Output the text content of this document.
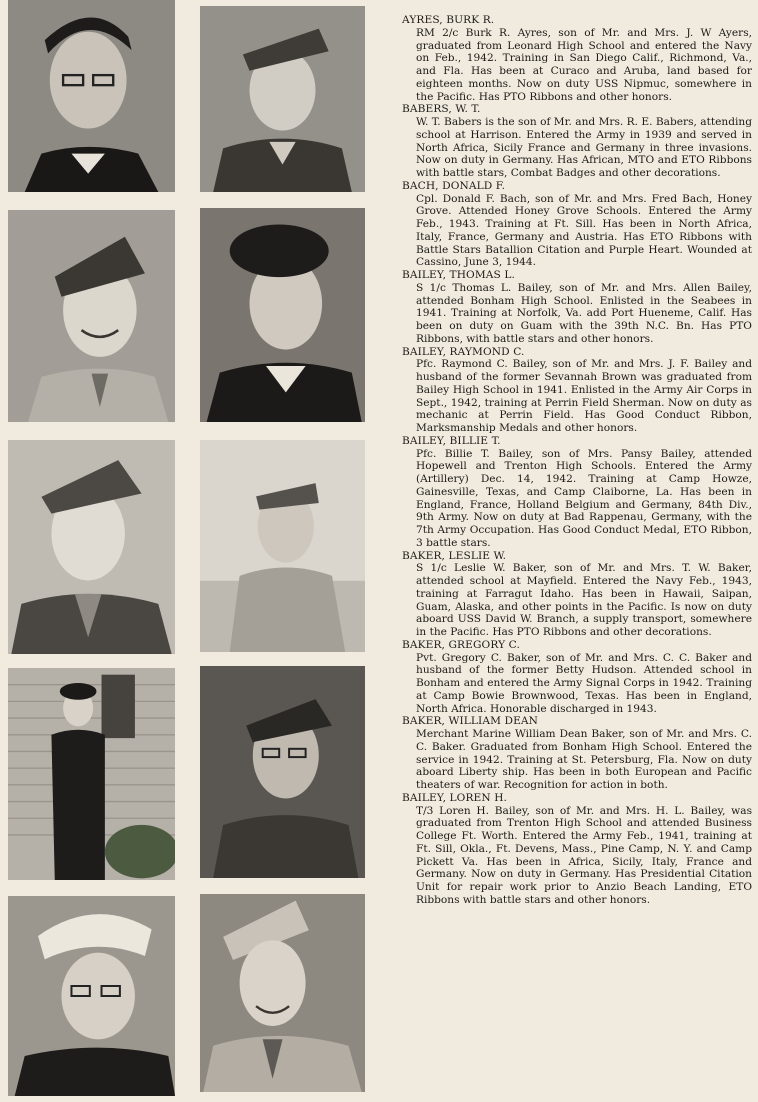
AYRES, BURK R.

RM 2/c Burk R. Ayres, son of Mr. and Mrs. J. W Ayers, graduated from Leonard High School and entered the Navy on Feb., 1942. Training in San Diego Calif., Richmond, Va., and Fla. Has been at Curaco and Aruba, land based for eighteen months. Now on duty USS Nipmuc, somewhere in the Pacific. Has PTO Ribbons and other honors.

BABERS, W. T.

W. T. Babers is the son of Mr. and Mrs. R. E. Babers, attending school at Harrison. Entered the Army in 1939 and served in North Africa, Sicily France and Germany in three invasions. Now on duty in Germany. Has African, MTO and ETO Ribbons with battle stars, Combat Badges and other decorations.

BACH, DONALD F.

Cpl. Donald F. Bach, son of Mr. and Mrs. Fred Bach, Honey Grove. Attended Honey Grove Schools. Entered the Army Feb., 1943. Training at Ft. Sill. Has been in North Africa, Italy, France, Germany and Austria. Has ETO Ribbons with Battle Stars Batallion Citation and Purple Heart. Wounded at Cassino, June 3, 1944.

BAILEY, THOMAS L.

S 1/c Thomas L. Bailey, son of Mr. and Mrs. Allen Bailey, attended Bonham High School. Enlisted in the Seabees in 1941. Training at Norfolk, Va. add Port Hueneme, Calif. Has been on duty on Guam with the 39th N.C. Bn. Has PTO Ribbons, with battle stars and other honors.

BAILEY, RAYMOND C.

Pfc. Raymond C. Bailey, son of Mr. and Mrs. J. F. Bailey and husband of the former Sevannah Brown was graduated from Bailey High School in 1941. Enlisted in the Army Air Corps in Sept., 1942, training at Perrin Field Sherman. Now on duty as mechanic at Perrin Field. Has Good Conduct Ribbon, Marksmanship Medals and other honors.

BAILEY, BILLIE T.

Pfc. Billie T. Bailey, son of Mrs. Pansy Bailey, attended Hopewell and Trenton High Schools. Entered the Army (Artillery) Dec. 14, 1942. Training at Camp Howze, Gainesville, Texas, and Camp Claiborne, La. Has been in England, France, Holland Belgium and Germany, 84th Div., 9th Army. Now on duty at Bad Rappenau, Germany, with the 7th Army Occupation. Has Good Conduct Medal, ETO Ribbon, 3 battle stars.

BAKER, LESLIE W.

S 1/c Leslie W. Baker, son of Mr. and Mrs. T. W. Baker, attended school at Mayfield. Entered the Navy Feb., 1943, training at Farragut Idaho. Has been in Hawaii, Saipan, Guam, Alaska, and other points in the Pacific. Is now on duty aboard USS David W. Branch, a supply transport, somewhere in the Pacific. Has PTO Ribbons and other decorations.

BAKER, GREGORY C.

Pvt. Gregory C. Baker, son of Mr. and Mrs. C. C. Baker and husband of the former Betty Hudson. Attended school in Bonham and entered the Army Signal Corps in 1942. Training at Camp Bowie Brownwood, Texas. Has been in England, North Africa. Honorable discharged in 1943.

BAKER, WILLIAM DEAN

Merchant Marine William Dean Baker, son of Mr. and Mrs. C. C. Baker. Graduated from Bonham High School. Entered the service in 1942. Training at St. Petersburg, Fla. Now on duty aboard Liberty ship. Has been in both European and Pacific theaters of war. Recognition for action in both.

BAILEY, LOREN H.

T/3 Loren H. Bailey, son of Mr. and Mrs. H. L. Bailey, was graduated from Trenton High School and attended Business College Ft. Worth. Entered the Army Feb., 1941, training at Ft. Sill, Okla., Ft. Devens, Mass., Pine Camp, N. Y. and Camp Pickett Va. Has been in Africa, Sicily, Italy, France and Germany. Now on duty in Germany. Has Presidential Citation Unit for repair work prior to Anzio Beach Landing, ETO Ribbons with battle stars and other honors.
